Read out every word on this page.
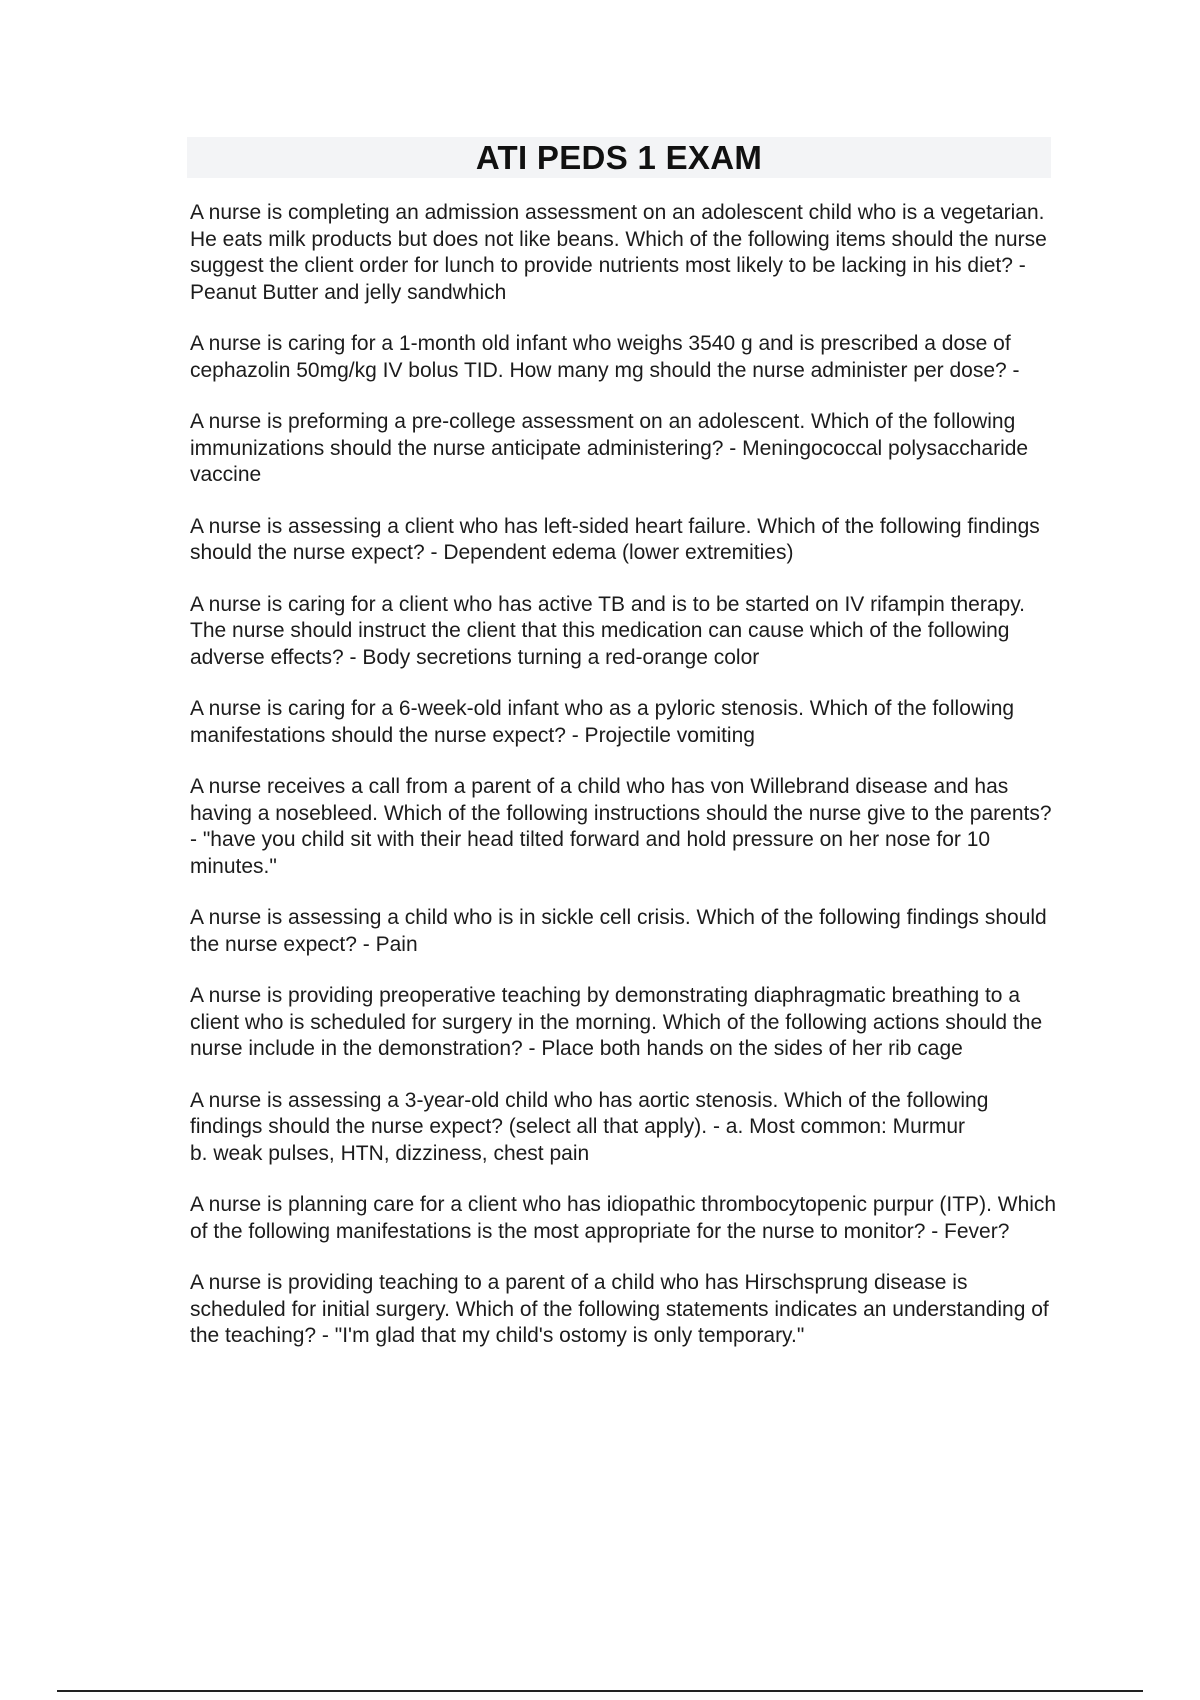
ATI PEDS 1 EXAM

A nurse is completing an admission assessment on an adolescent child who is a vegetarian. He eats milk products but does not like beans. Which of the following items should the nurse suggest the client order for lunch to provide nutrients most likely to be lacking in his diet? - Peanut Butter and jelly sandwhich

A nurse is caring for a 1-month old infant who weighs 3540 g and is prescribed a dose of cephazolin 50mg/kg IV bolus TID. How many mg should the nurse administer per dose? -

A nurse is preforming a pre-college assessment on an adolescent. Which of the following immunizations should the nurse anticipate administering? - Meningococcal polysaccharide vaccine

A nurse is assessing a client who has left-sided heart failure. Which of the following findings should the nurse expect? - Dependent edema (lower extremities)

A nurse is caring for a client who has active TB and is to be started on IV rifampin therapy. The nurse should instruct the client that this medication can cause which of the following adverse effects? - Body secretions turning a red-orange color

A nurse is caring for a 6-week-old infant who as a pyloric stenosis. Which of the following manifestations should the nurse expect? - Projectile vomiting

A nurse receives a call from a parent of a child who has von Willebrand disease and has having a nosebleed. Which of the following instructions should the nurse give to the parents? - "have you child sit with their head tilted forward and hold pressure on her nose for 10 minutes."

A nurse is assessing a child who is in sickle cell crisis. Which of the following findings should the nurse expect? - Pain

A nurse is providing preoperative teaching by demonstrating diaphragmatic breathing to a client who is scheduled for surgery in the morning. Which of the following actions should the nurse include in the demonstration? - Place both hands on the sides of her rib cage

A nurse is assessing a 3-year-old child who has aortic stenosis. Which of the following findings should the nurse expect? (select all that apply). - a. Most common: Murmur
b. weak pulses, HTN, dizziness, chest pain

A nurse is planning care for a client who has idiopathic thrombocytopenic purpur (ITP). Which of the following manifestations is the most appropriate for the nurse to monitor? - Fever?

A nurse is providing teaching to a parent of a child who has Hirschsprung disease is scheduled for initial surgery. Which of the following statements indicates an understanding of the teaching? - "I'm glad that my child's ostomy is only temporary."
